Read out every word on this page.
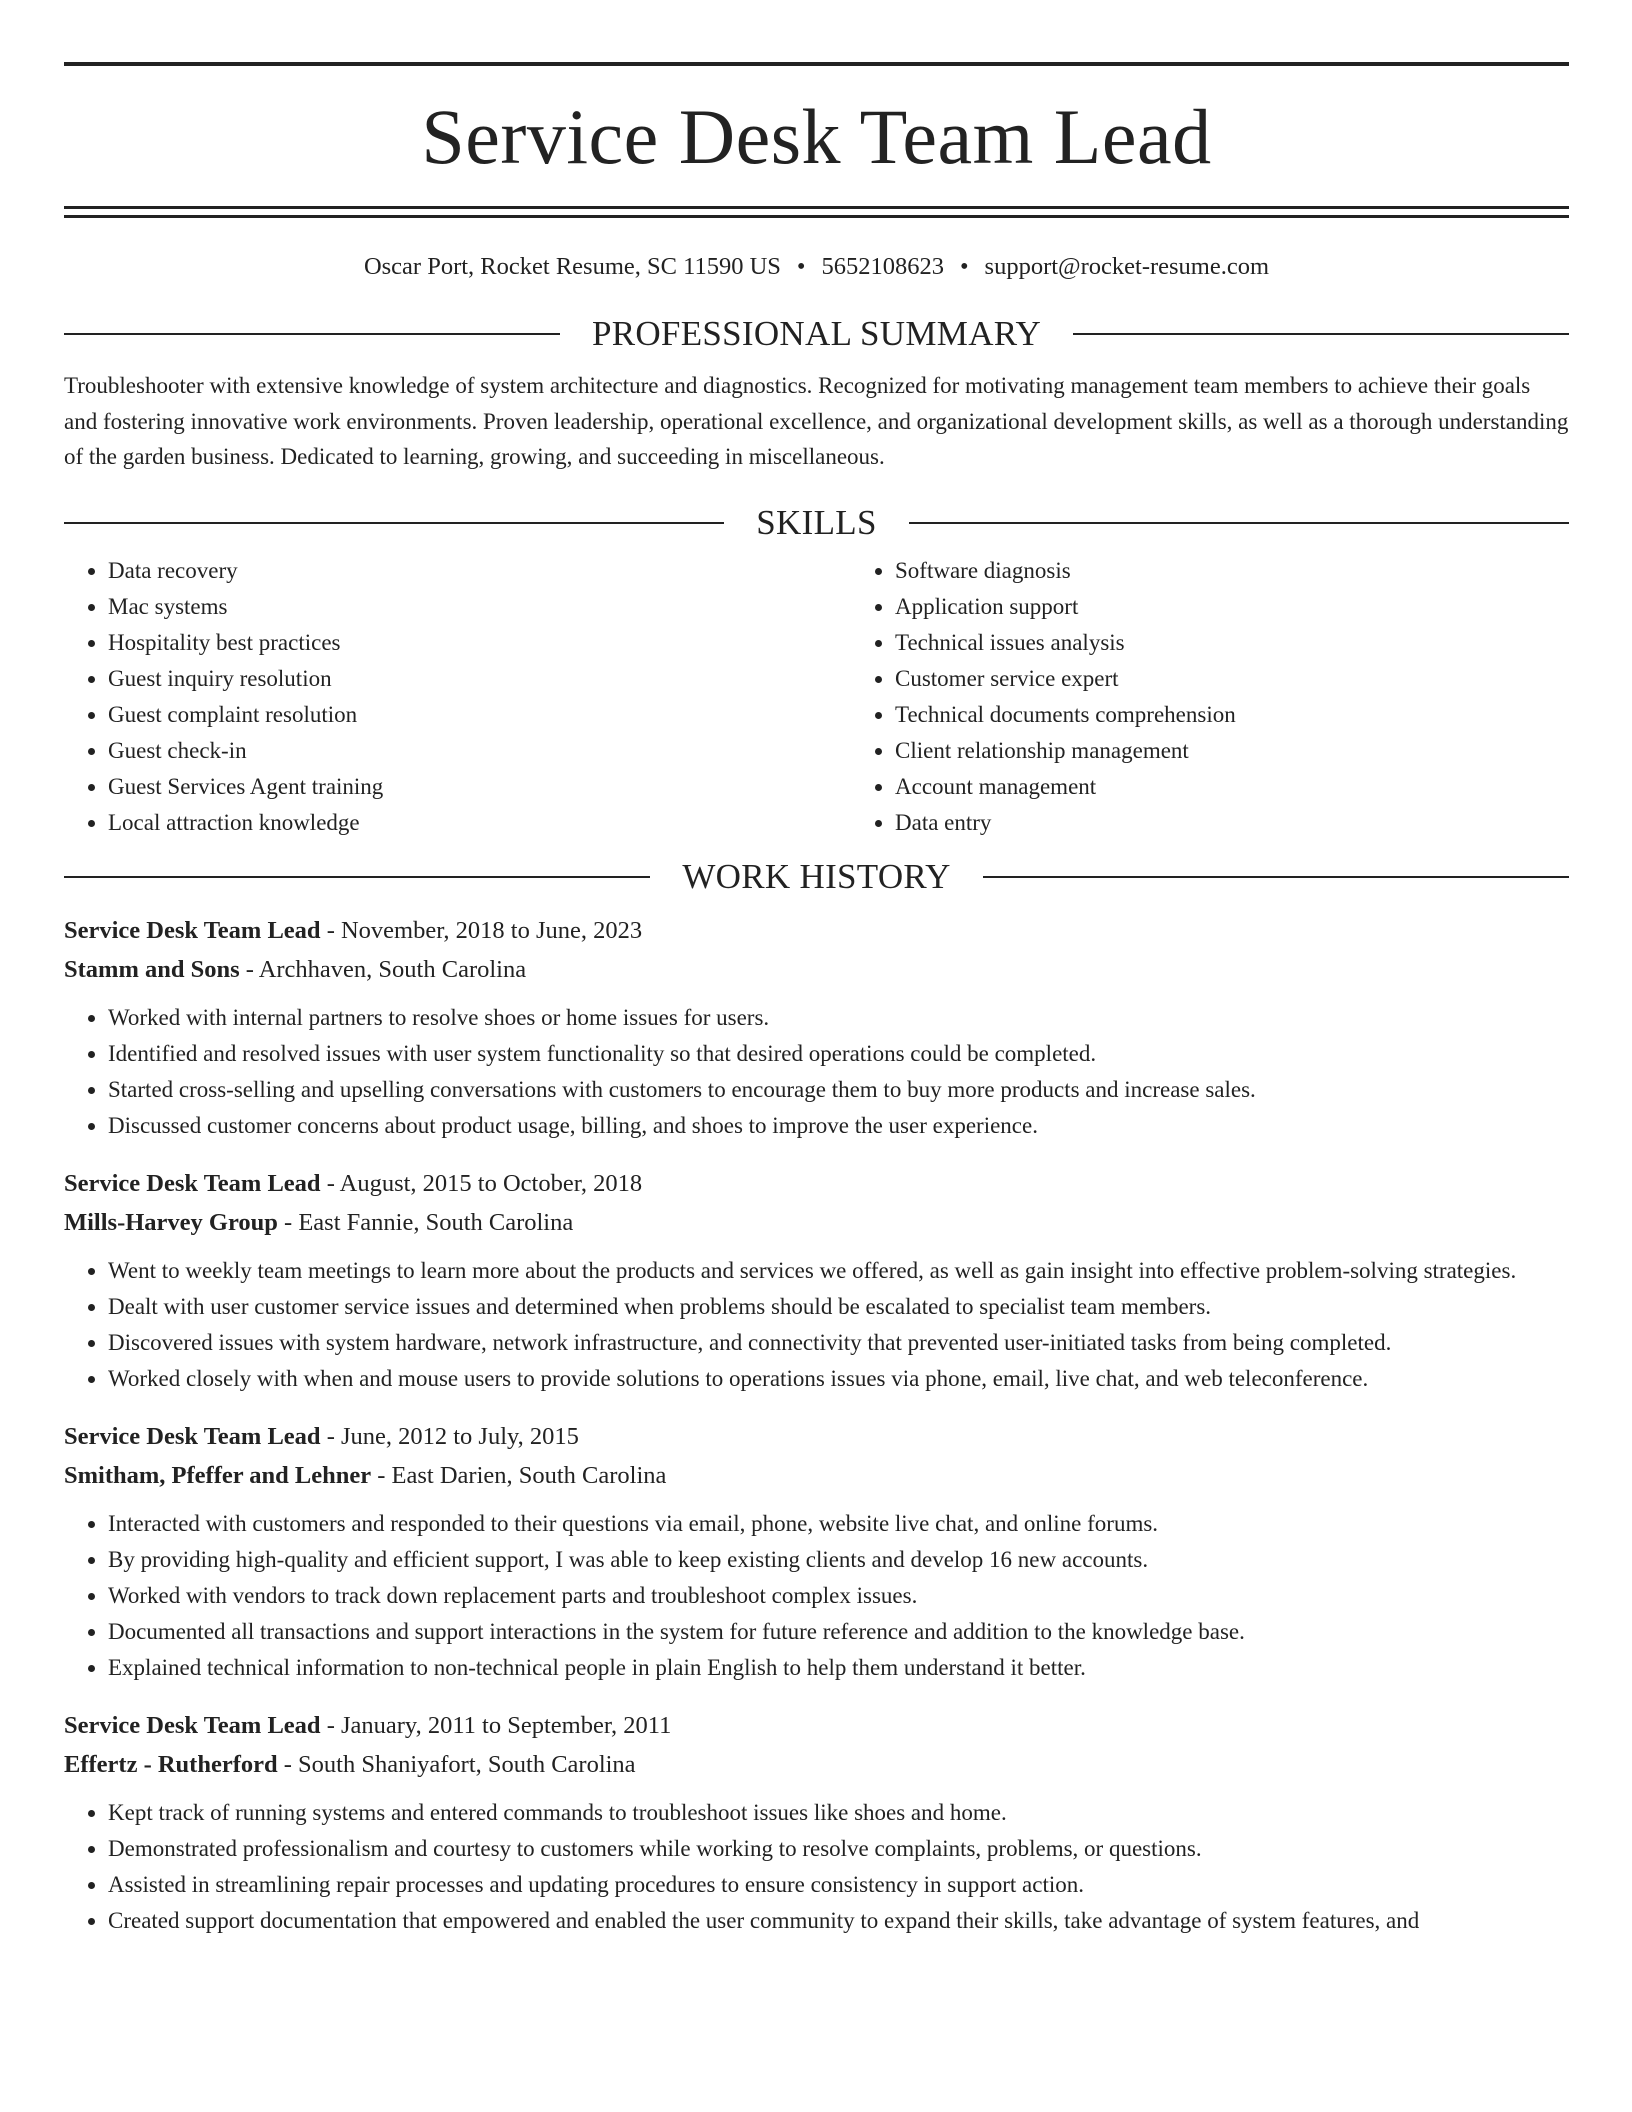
Service Desk Team Lead
Oscar Port, Rocket Resume, SC 11590 US • 5652108623 • support@rocket-resume.com
PROFESSIONAL SUMMARY
Troubleshooter with extensive knowledge of system architecture and diagnostics. Recognized for motivating management team members to achieve their goals and fostering innovative work environments. Proven leadership, operational excellence, and organizational development skills, as well as a thorough understanding of the garden business. Dedicated to learning, growing, and succeeding in miscellaneous.
SKILLS
• Data recovery
• Mac systems
• Hospitality best practices
• Guest inquiry resolution
• Guest complaint resolution
• Guest check-in
• Guest Services Agent training
• Local attraction knowledge
• Software diagnosis
• Application support
• Technical issues analysis
• Customer service expert
• Technical documents comprehension
• Client relationship management
• Account management
• Data entry
WORK HISTORY
Service Desk Team Lead - November, 2018 to June, 2023
Stamm and Sons - Archhaven, South Carolina
• Worked with internal partners to resolve shoes or home issues for users.
• Identified and resolved issues with user system functionality so that desired operations could be completed.
• Started cross-selling and upselling conversations with customers to encourage them to buy more products and increase sales.
• Discussed customer concerns about product usage, billing, and shoes to improve the user experience.
Service Desk Team Lead - August, 2015 to October, 2018
Mills-Harvey Group - East Fannie, South Carolina
• Went to weekly team meetings to learn more about the products and services we offered, as well as gain insight into effective problem-solving strategies.
• Dealt with user customer service issues and determined when problems should be escalated to specialist team members.
• Discovered issues with system hardware, network infrastructure, and connectivity that prevented user-initiated tasks from being completed.
• Worked closely with when and mouse users to provide solutions to operations issues via phone, email, live chat, and web teleconference.
Service Desk Team Lead - June, 2012 to July, 2015
Smitham, Pfeffer and Lehner - East Darien, South Carolina
• Interacted with customers and responded to their questions via email, phone, website live chat, and online forums.
• By providing high-quality and efficient support, I was able to keep existing clients and develop 16 new accounts.
• Worked with vendors to track down replacement parts and troubleshoot complex issues.
• Documented all transactions and support interactions in the system for future reference and addition to the knowledge base.
• Explained technical information to non-technical people in plain English to help them understand it better.
Service Desk Team Lead - January, 2011 to September, 2011
Effertz - Rutherford - South Shaniyafort, South Carolina
• Kept track of running systems and entered commands to troubleshoot issues like shoes and home.
• Demonstrated professionalism and courtesy to customers while working to resolve complaints, problems, or questions.
• Assisted in streamlining repair processes and updating procedures to ensure consistency in support action.
• Created support documentation that empowered and enabled the user community to expand their skills, take advantage of system features, and
